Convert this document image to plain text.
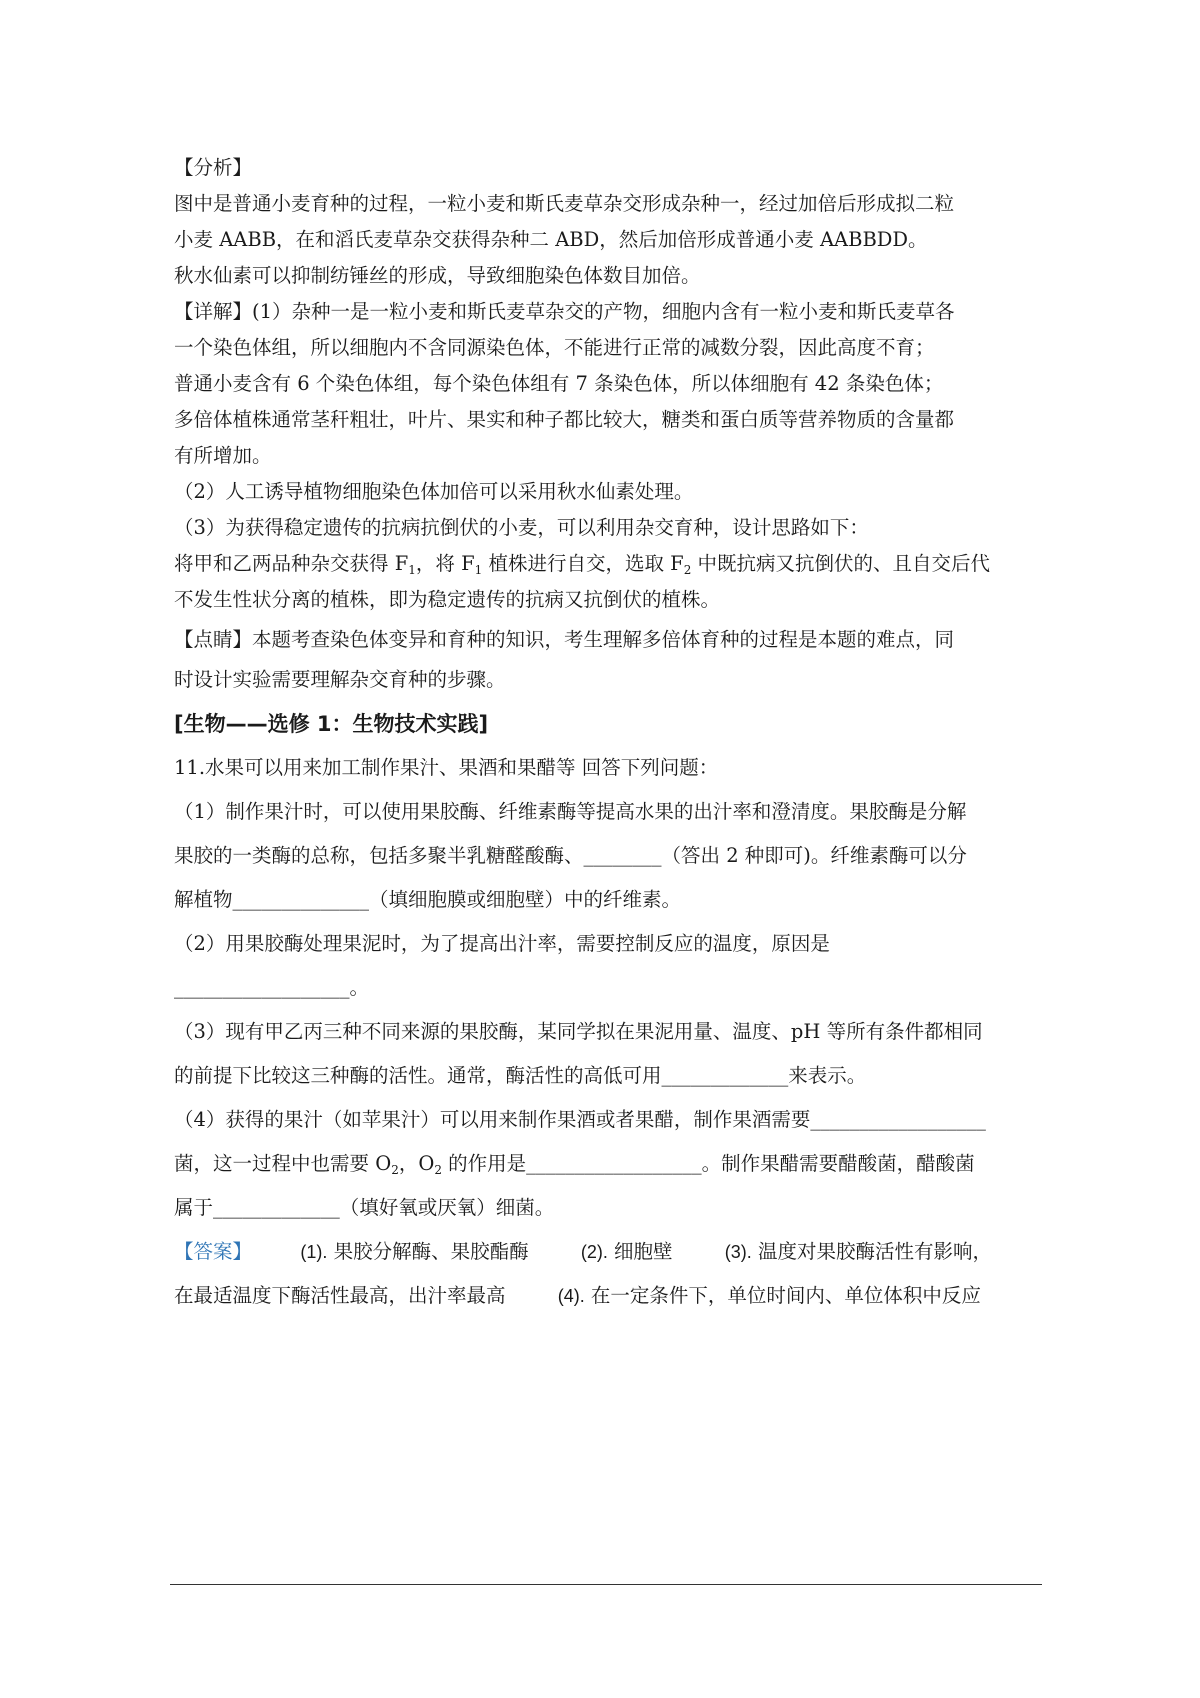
【分析】
图中是普通小麦育种的过程，一粒小麦和斯氏麦草杂交形成杂种一，经过加倍后形成拟二粒
小麦 AABB，在和滔氏麦草杂交获得杂种二 ABD，然后加倍形成普通小麦 AABBDD。
秋水仙素可以抑制纺锤丝的形成，导致细胞染色体数目加倍。
【详解】(1）杂种一是一粒小麦和斯氏麦草杂交的产物，细胞内含有一粒小麦和斯氏麦草各
一个染色体组，所以细胞内不含同源染色体，不能进行正常的减数分裂，因此高度不育；
普通小麦含有 6 个染色体组，每个染色体组有 7 条染色体，所以体细胞有 42 条染色体；
多倍体植株通常茎秆粗壮，叶片、果实和种子都比较大，糖类和蛋白质等营养物质的含量都
有所增加。
（2）人工诱导植物细胞染色体加倍可以采用秋水仙素处理。
（3）为获得稳定遗传的抗病抗倒伏的小麦，可以利用杂交育种，设计思路如下：
将甲和乙两品种杂交获得 $F_1$，将 $F_1$ 植株进行自交，选取 $F_2$ 中既抗病又抗倒伏的、且自交后代
不发生性状分离的植株，即为稳定遗传的抗病又抗倒伏的植株。
【点睛】本题考查染色体变异和育种的知识，考生理解多倍体育种的过程是本题的难点，同
时设计实验需要理解杂交育种的步骤。
[生物——选修 1：生物技术实践]
11.水果可以用来加工制作果汁、果酒和果醋等 回答下列问题：
（1）制作果汁时，可以使用果胶酶、纤维素酶等提高水果的出汁率和澄清度。果胶酶是分解
果胶的一类酶的总称，包括多聚半乳糖醛酸酶、________（答出 2 种即可)。纤维素酶可以分
解植物______________（填细胞膜或细胞壁）中的纤维素。
（2）用果胶酶处理果泥时，为了提高出汁率，需要控制反应的温度，原因是
__________________。
（3）现有甲乙丙三种不同来源的果胶酶，某同学拟在果泥用量、温度、pH 等所有条件都相同
的前提下比较这三种酶的活性。通常，酶活性的高低可用_____________来表示。
（4）获得的果汁（如苹果汁）可以用来制作果酒或者果醋，制作果酒需要__________________
菌，这一过程中也需要 $O_2$，$O_2$ 的作用是__________________。制作果醋需要醋酸菌，醋酸菌
属于_____________（填好氧或厌氧）细菌。
【答案】	(1). 果胶分解酶、果胶酯酶	(2). 细胞壁	(3). 温度对果胶酶活性有影响，
在最适温度下酶活性最高，出汁率最高	(4). 在一定条件下，单位时间内、单位体积中反应
